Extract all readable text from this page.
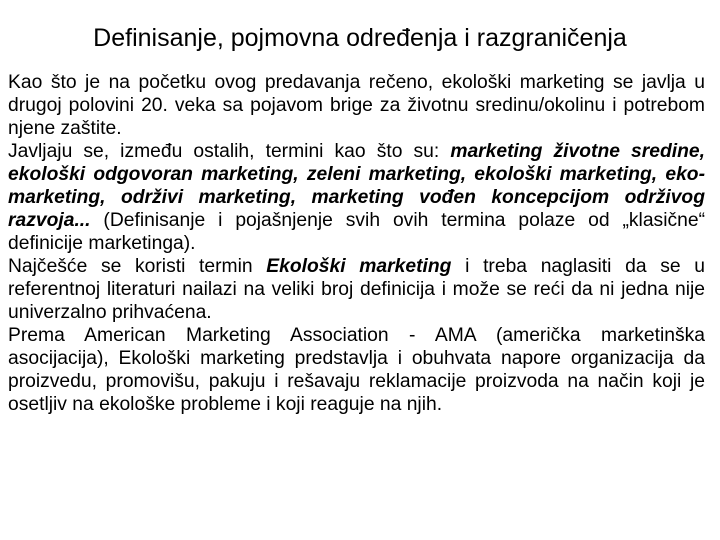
Definisanje, pojmovna određenja i razgraničenja

Kao što je na početku ovog predavanja rečeno, ekološki marketing se javlja u drugoj polovini 20. veka sa pojavom brige za životnu sredinu/okolinu i potrebom njene zaštite.

Javljaju se, između ostalih, termini kao što su: marketing životne sredine, ekološki odgovoran marketing, zeleni marketing, ekološki marketing, eko-marketing, održivi marketing, marketing vođen koncepcijom održivog razvoja... (Definisanje i pojašnjenje svih ovih termina polaze od „klasične“ definicije marketinga).

Najčešće se koristi termin Ekološki marketing i treba naglasiti da se u referentnoj literaturi nailazi na veliki broj definicija i može se reći da ni jedna nije univerzalno prihvaćena.

Prema American Marketing Association - AMA (američka marketinška asocijacija), Ekološki marketing predstavlja i obuhvata napore organizacija da proizvedu, promovišu, pakuju i rešavaju reklamacije proizvoda na način koji je osetljiv na ekološke probleme i koji reaguje na njih.
